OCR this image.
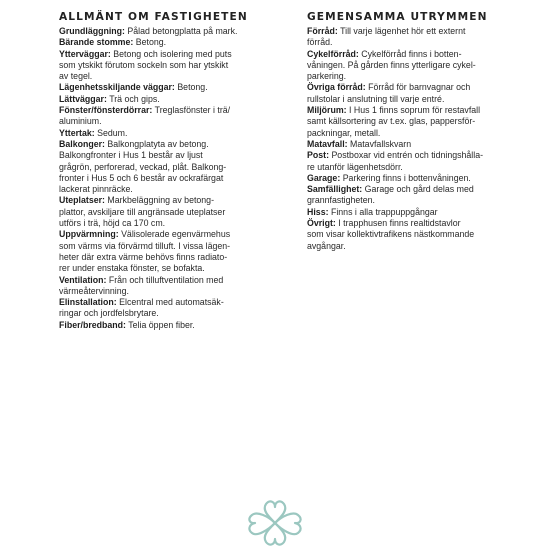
ALLMÄNT OM FASTIGHETEN

Grundläggning: Pålad betongplatta på mark.

Bärande stomme: Betong.

Ytterväggar: Betong och isolering med puts
som ytskikt förutom sockeln som har ytskikt
av tegel.

Lägenhetsskiljande väggar: Betong.

Lättväggar: Trä och gips.

Fönster/fönsterdörrar: Treglasfönster i trä/
aluminium.

Yttertak: Sedum.

Balkonger: Balkongplatyta av betong.
Balkongfronter i Hus 1 består av ljust
grågrön, perforerad, veckad, plåt. Balkong-
fronter i Hus 5 och 6 består av ockrafärgat
lackerat pinnräcke.

Uteplatser: Markbeläggning av betong-
plattor, avskiljare till angränsade uteplatser
utförs i trä, höjd ca 170 cm.

Uppvärmning: Välisolerade egenvärmehus
som värms via förvärmd tilluft. I vissa lägen-
heter där extra värme behövs finns radiato-
rer under enstaka fönster, se bofakta.

Ventilation: Från och tilluftventilation med
värmeåtervinning.

Elinstallation: Elcentral med automatsäk-
ringar och jordfelsbrytare.

Fiber/bredband: Telia öppen fiber.

GEMENSAMMA UTRYMMEN

Förråd: Till varje lägenhet hör ett externt
förråd.

Cykelförråd: Cykelförråd finns i botten-
våningen. På gården finns ytterligare cykel-
parkering.

Övriga förråd: Förråd för barnvagnar och
rullstolar i anslutning till varje entré.

Miljörum: I Hus 1 finns soprum för restavfall
samt källsortering av t.ex. glas, pappersför-
packningar, metall.

Matavfall: Matavfallskvarn

Post: Postboxar vid entrén och tidningshålla-
re utanför lägenhetsdörr.

Garage: Parkering finns i bottenvåningen.

Samfällighet: Garage och gård delas med
grannfastigheten.

Hiss: Finns i alla trappuppgångar

Övrigt: I trapphusen finns realtidstavlor
som visar kollektivtrafikens nästkommande
avgångar.
